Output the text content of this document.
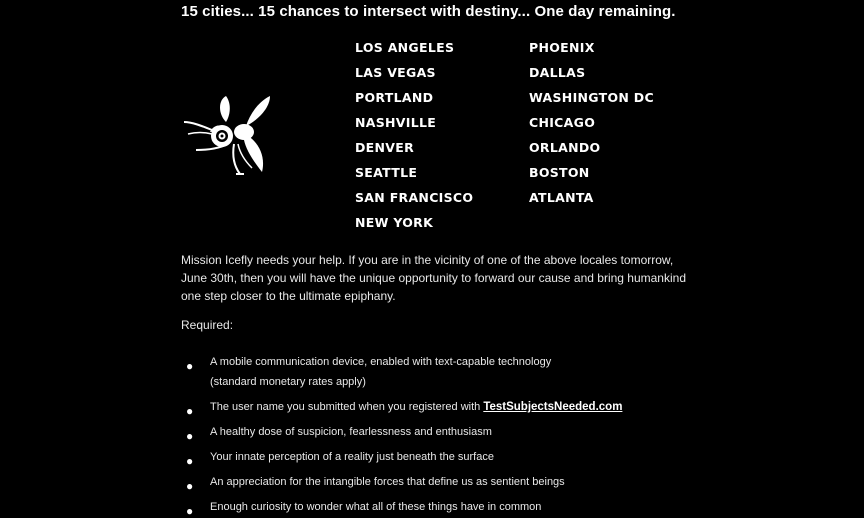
15 cities... 15 chances to intersect with destiny... One day remaining.
LOS ANGELES
LAS VEGAS
PORTLAND
NASHVILLE
DENVER
SEATTLE
SAN FRANCISCO
NEW YORK
PHOENIX
DALLAS
WASHINGTON DC
CHICAGO
ORLANDO
BOSTON
ATLANTA

Mission Icefly needs your help. If you are in the vicinity of one of the above locales tomorrow, June 30th, then you will have the unique opportunity to forward our cause and bring humankind one step closer to the ultimate epiphany.

Required:

● A mobile communication device, enabled with text-capable technology
(standard monetary rates apply)
● The user name you submitted when you registered with TestSubjectsNeeded.com
● A healthy dose of suspicion, fearlessness and enthusiasm
● Your innate perception of a reality just beneath the surface
● An appreciation for the intangible forces that define us as sentient beings
● Enough curiosity to wonder what all of these things have in common
